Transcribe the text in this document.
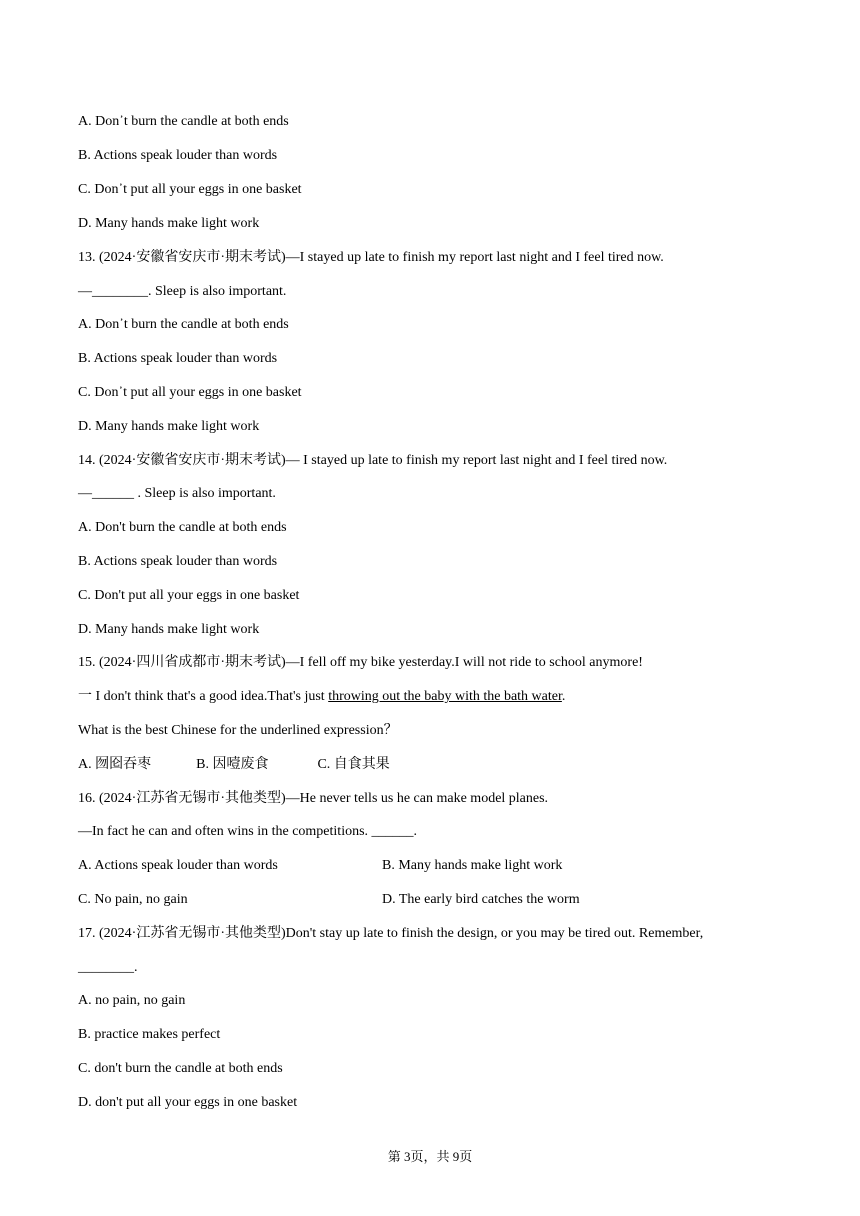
A. Don᾿t burn the candle at both ends
B. Actions speak louder than words
C. Don᾿t put all your eggs in one basket
D. Many hands make light work
13. (2024·安徽省安庆市·期末考试)—I stayed up late to finish my report last night and I feel tired now.
—________. Sleep is also important.
A. Don᾿t burn the candle at both ends
B. Actions speak louder than words
C. Don᾿t put all your eggs in one basket
D. Many hands make light work
14. (2024·安徽省安庆市·期末考试)— I stayed up late to finish my report last night and I feel tired now.
—______ . Sleep is also important.
A. Don't burn the candle at both ends
B. Actions speak louder than words
C. Don't put all your eggs in one basket
D. Many hands make light work
15. (2024·四川省成都市·期末考试)—I fell off my bike yesterday.I will not ride to school anymore!
一 I don't think that's a good idea.That's just throwing out the baby with the bath water.
What is the best Chinese for the underlined expression？
A. 囫囵吞枣	B. 因噎废食	C. 自食其果
16. (2024·江苏省无锡市·其他类型)—He never tells us he can make model planes.
—In fact he can and often wins in the competitions. ______.
A. Actions speak louder than words	B. Many hands make light work
C. No pain, no gain	D. The early bird catches the worm
17. (2024·江苏省无锡市·其他类型)Don't stay up late to finish the design, or you may be tired out. Remember,
________.
A. no pain, no gain
B. practice makes perfect
C. don't burn the candle at both ends
D. don't put all your eggs in one basket
第 3页，共 9页
